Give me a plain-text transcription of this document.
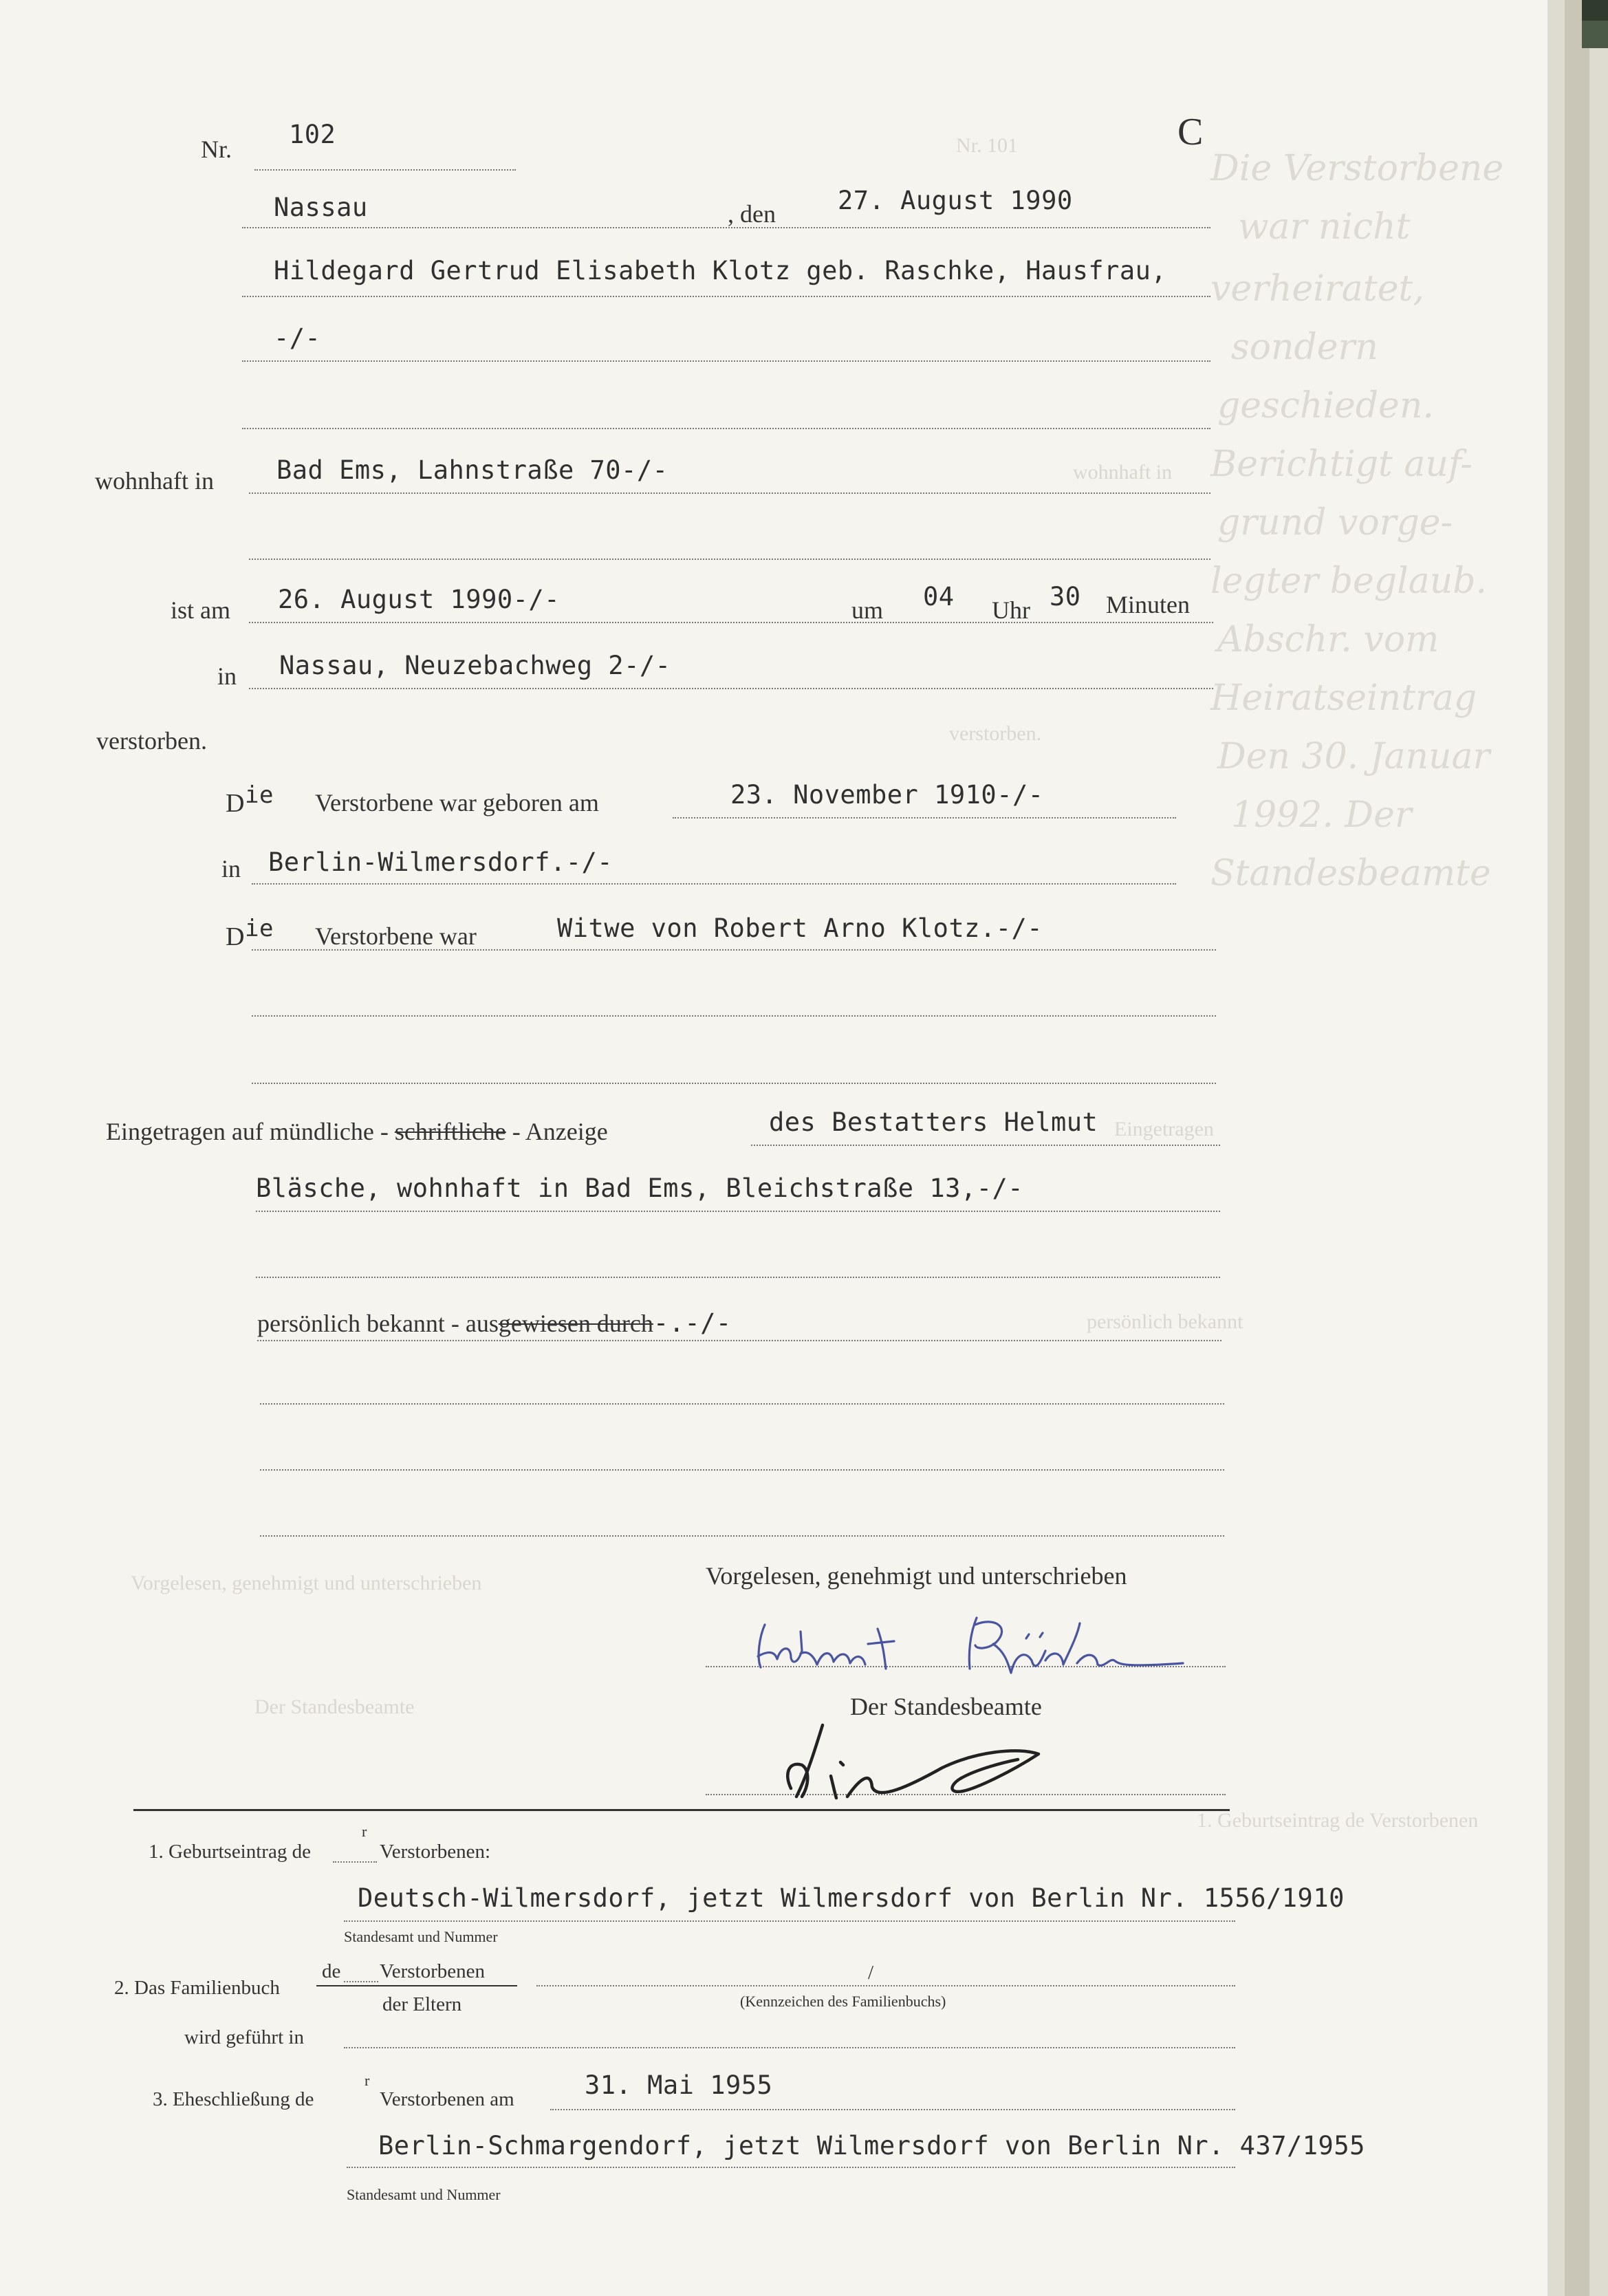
Die Verstorbene
war nicht
verheiratet,
sondern
geschieden.
Berichtigt auf-
grund vorge-
legter beglaub.
Abschr. vom
Heiratseintrag
Den 30. Januar
1992. Der
Standesbeamte
Nr. 101
wohnhaft in
verstorben.
Eingetragen
persönlich bekannt
Vorgelesen, genehmigt und unterschrieben
Der Standesbeamte
1. Geburtseintrag de Verstorbenen
Nr. 102	C
Nassau	, den 27. August 1990
Hildegard Gertrud Elisabeth Klotz geb. Raschke, Hausfrau,
-/-
wohnhaft in Bad Ems, Lahnstraße 70-/-
ist am 26. August 1990-/-	um 04 Uhr 30 Minuten
in Nassau, Neuzebachweg 2-/-
verstorben.
D ie Verstorbene war geboren am	23. November 1910-/-
in Berlin-Wilmersdorf.-/-
D ie Verstorbene war	Witwe von Robert Arno Klotz.-/-
Eingetragen auf mündliche - schriftliche - Anzeige	des Bestatters Helmut
Bläsche, wohnhaft in Bad Ems, Bleichstraße 13,-/-
persönlich bekannt - ausgewiesen durch-.-/-
Vorgelesen, genehmigt und unterschrieben
Der Standesbeamte
1. Geburtseintrag de
r
Verstorbenen:
Deutsch-Wilmersdorf, jetzt Wilmersdorf von Berlin Nr. 1556/1910
Standesamt und Nummer
2. Das Familienbuch
de Verstorbenen
der Eltern
/
(Kennzeichen des Familienbuchs)
wird geführt in
3. Eheschließung de
r
Verstorbenen am	31. Mai 1955
Berlin-Schmargendorf, jetzt Wilmersdorf von Berlin Nr. 437/1955
Standesamt und Nummer
